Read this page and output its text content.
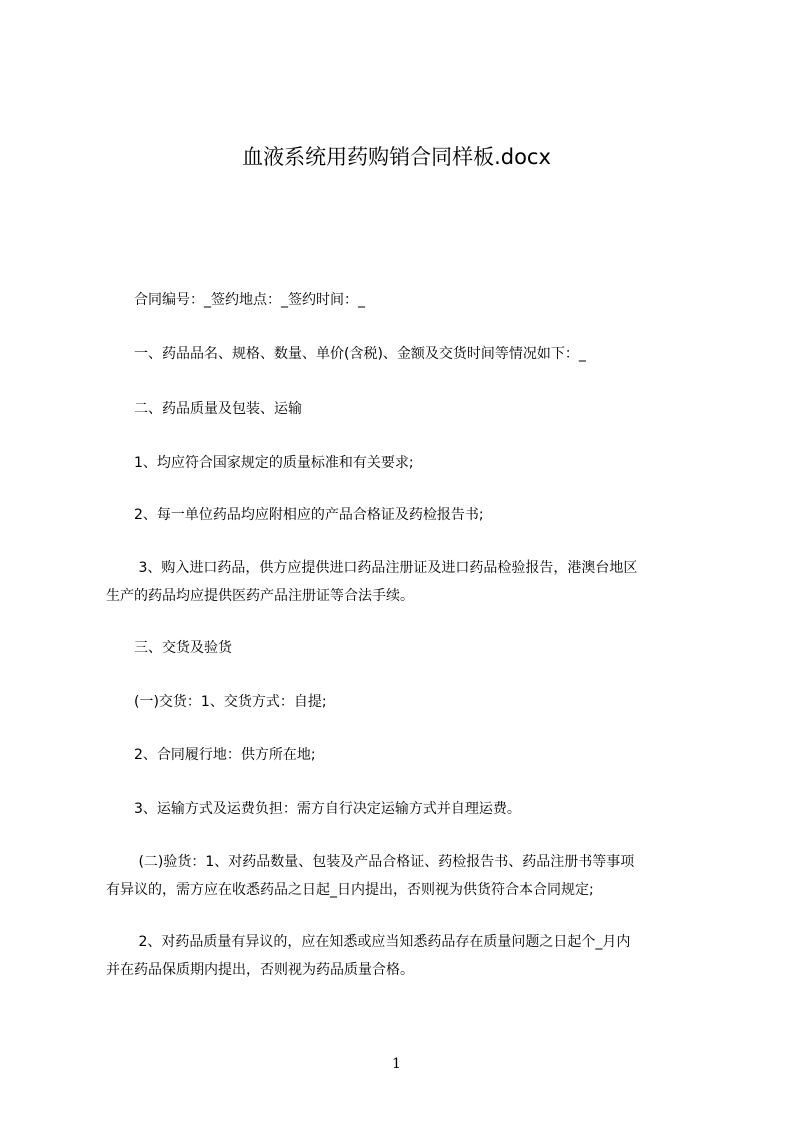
血液系统用药购销合同样板.docx
　　合同编号：_签约地点：_签约时间：_
　　一、药品品名、规格、数量、单价(含税)、金额及交货时间等情况如下：_
　　二、药品质量及包装、运输
　　1、均应符合国家规定的质量标准和有关要求;
　　2、每一单位药品均应附相应的产品合格证及药检报告书;
　　 3、购入进口药品，供方应提供进口药品注册证及进口药品检验报告，港澳台地区
生产的药品均应提供医药产品注册证等合法手续。
　　三、交货及验货
　　(一)交货：1、交货方式：自提;
　　2、合同履行地：供方所在地;
　　3、运输方式及运费负担：需方自行决定运输方式并自理运费。
　　 (二)验货：1、对药品数量、包装及产品合格证、药检报告书、药品注册书等事项
有异议的，需方应在收悉药品之日起_日内提出，否则视为供货符合本合同规定;
　　 2、对药品质量有异议的，应在知悉或应当知悉药品存在质量问题之日起个_月内
并在药品保质期内提出，否则视为药品质量合格。
1
